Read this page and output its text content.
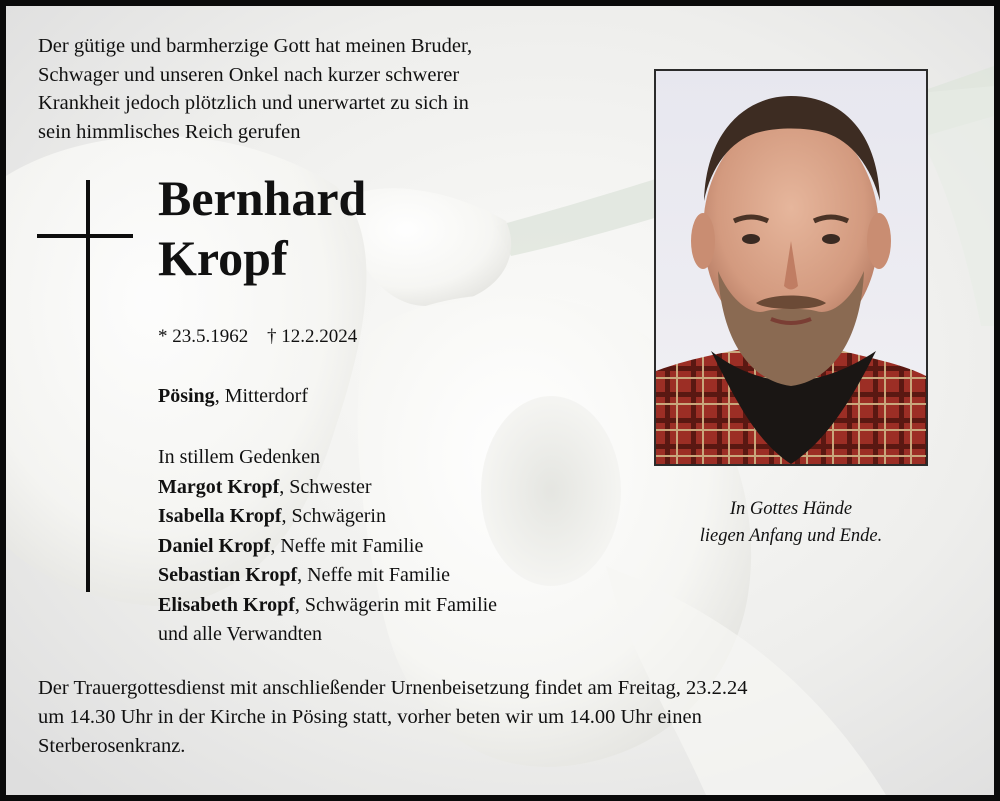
Der gütige und barmherzige Gott hat meinen Bruder,
Schwager und unseren Onkel nach kurzer schwerer
Krankheit jedoch plötzlich und unerwartet zu sich in
sein himmlisches Reich gerufen

Bernhard
Kropf
* 23.5.1962 † 12.2.2024
Pösing, Mitterdorf
In stillem Gedenken
Margot Kropf, Schwester
Isabella Kropf, Schwägerin
Daniel Kropf, Neffe mit Familie
Sebastian Kropf, Neffe mit Familie
Elisabeth Kropf, Schwägerin mit Familie
und alle Verwandten
In Gottes Hände
liegen Anfang und Ende.

Der Trauergottesdienst mit anschließender Urnenbeisetzung findet am Freitag, 23.2.24
um 14.30 Uhr in der Kirche in Pösing statt, vorher beten wir um 14.00 Uhr einen
Sterberosenkranz.
